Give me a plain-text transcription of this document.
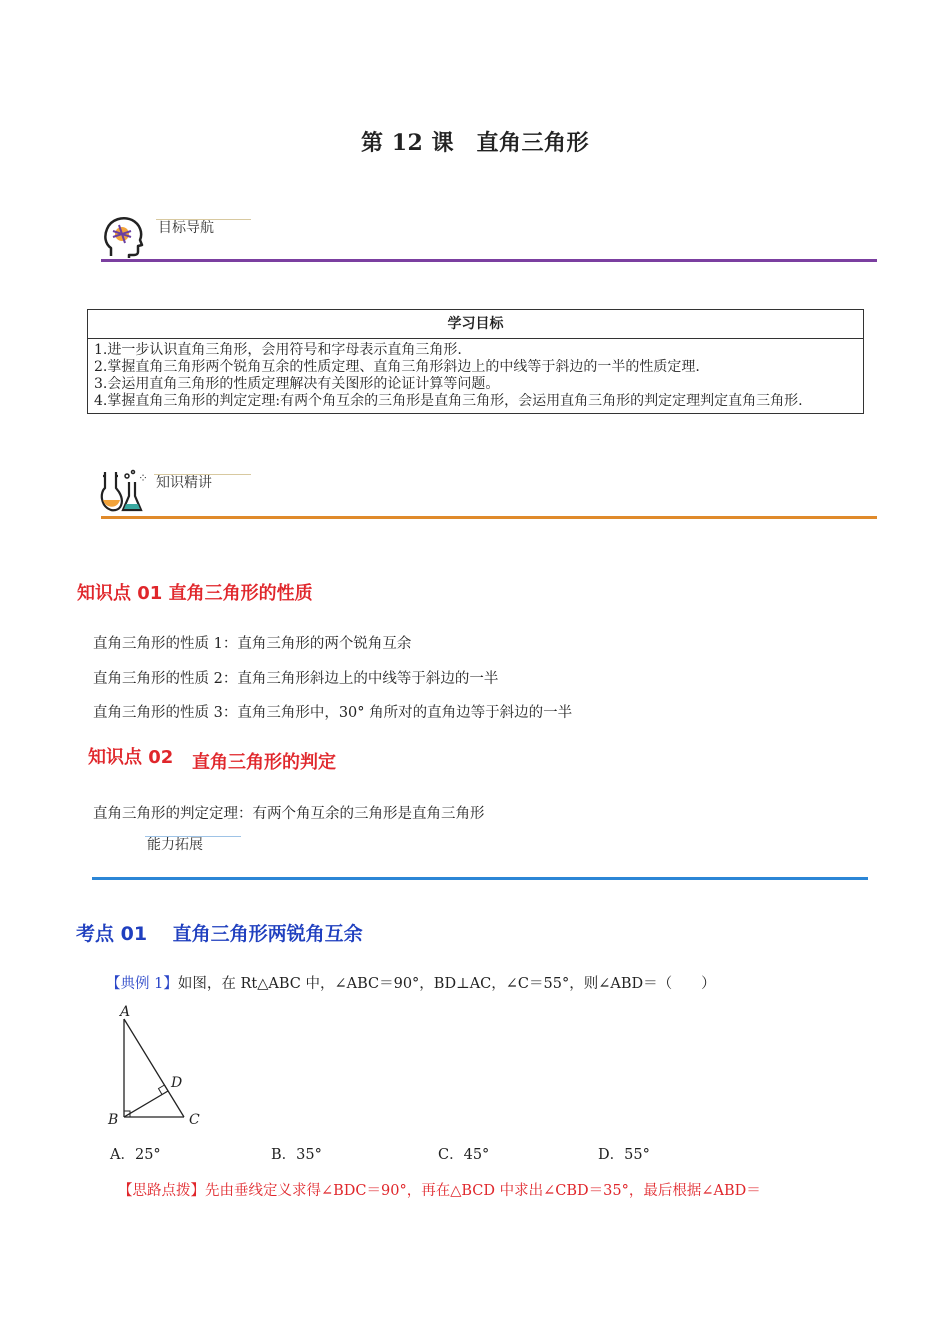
第 12 课　直角三角形
目标导航
学习目标

1.进一步认识直角三角形，会用符号和字母表示直角三角形.
2.掌握直角三角形两个锐角互余的性质定理、直角三角形斜边上的中线等于斜边的一半的性质定理.
3.会运用直角三角形的性质定理解决有关图形的论证计算等问题。
4.掌握直角三角形的判定定理:有两个角互余的三角形是直角三角形，会运用直角三角形的判定定理判定直角三角形.
⁘ 知识精讲
知识点 01 直角三角形的性质
直角三角形的性质 1：直角三角形的两个锐角互余
直角三角形的性质 2：直角三角形斜边上的中线等于斜边的一半
直角三角形的性质 3：直角三角形中，30° 角所对的直角边等于斜边的一半
知识点 02 直角三角形的判定
直角三角形的判定定理：有两个角互余的三角形是直角三角形
能力拓展
考点 01　 直角三角形两锐角互余
【典例 1】如图，在 Rt△ABC 中，∠ABC＝90°，BD⊥AC，∠C＝55°，则∠ABD＝（　　）
A
B	C
D
A．25°	B．35°	C．45°	D．55°
【思路点拨】先由垂线定义求得∠BDC＝90°，再在△BCD 中求出∠CBD＝35°，最后根据∠ABD＝
